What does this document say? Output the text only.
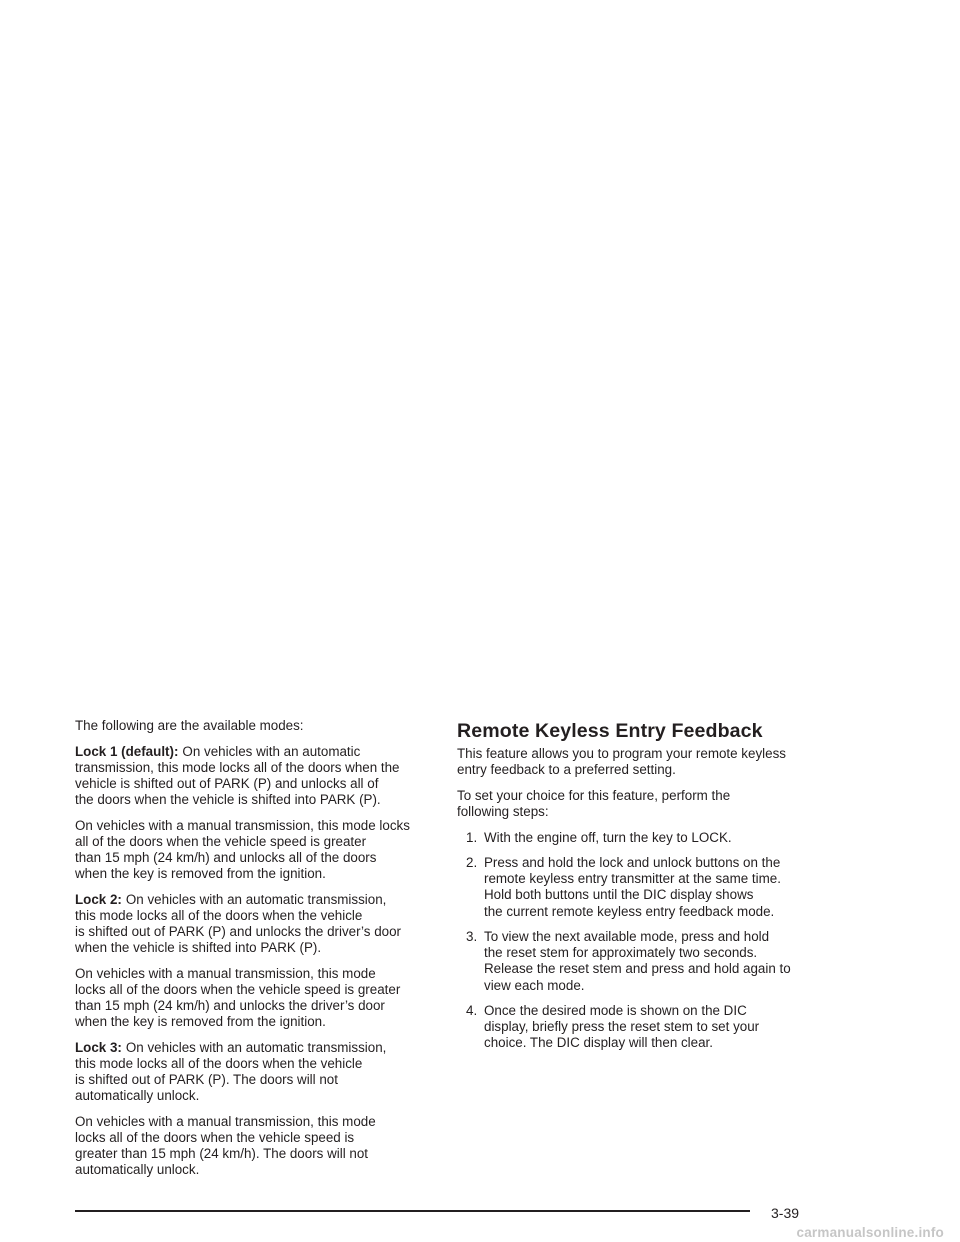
The following are the available modes:

Lock 1 (default): On vehicles with an automatic
transmission, this mode locks all of the doors when the
vehicle is shifted out of PARK (P) and unlocks all of
the doors when the vehicle is shifted into PARK (P).

On vehicles with a manual transmission, this mode locks
all of the doors when the vehicle speed is greater
than 15 mph (24 km/h) and unlocks all of the doors
when the key is removed from the ignition.

Lock 2: On vehicles with an automatic transmission,
this mode locks all of the doors when the vehicle
is shifted out of PARK (P) and unlocks the driver’s door
when the vehicle is shifted into PARK (P).

On vehicles with a manual transmission, this mode
locks all of the doors when the vehicle speed is greater
than 15 mph (24 km/h) and unlocks the driver’s door
when the key is removed from the ignition.

Lock 3: On vehicles with an automatic transmission,
this mode locks all of the doors when the vehicle
is shifted out of PARK (P). The doors will not
automatically unlock.

On vehicles with a manual transmission, this mode
locks all of the doors when the vehicle speed is
greater than 15 mph (24 km/h). The doors will not
automatically unlock.

Remote Keyless Entry Feedback

This feature allows you to program your remote keyless
entry feedback to a preferred setting.

To set your choice for this feature, perform the
following steps:

1. With the engine off, turn the key to LOCK.
2. Press and hold the lock and unlock buttons on the
remote keyless entry transmitter at the same time.
Hold both buttons until the DIC display shows
the current remote keyless entry feedback mode.
3. To view the next available mode, press and hold
the reset stem for approximately two seconds.
Release the reset stem and press and hold again to
view each mode.
4. Once the desired mode is shown on the DIC
display, briefly press the reset stem to set your
choice. The DIC display will then clear.
3-39
carmanualsonline.info
